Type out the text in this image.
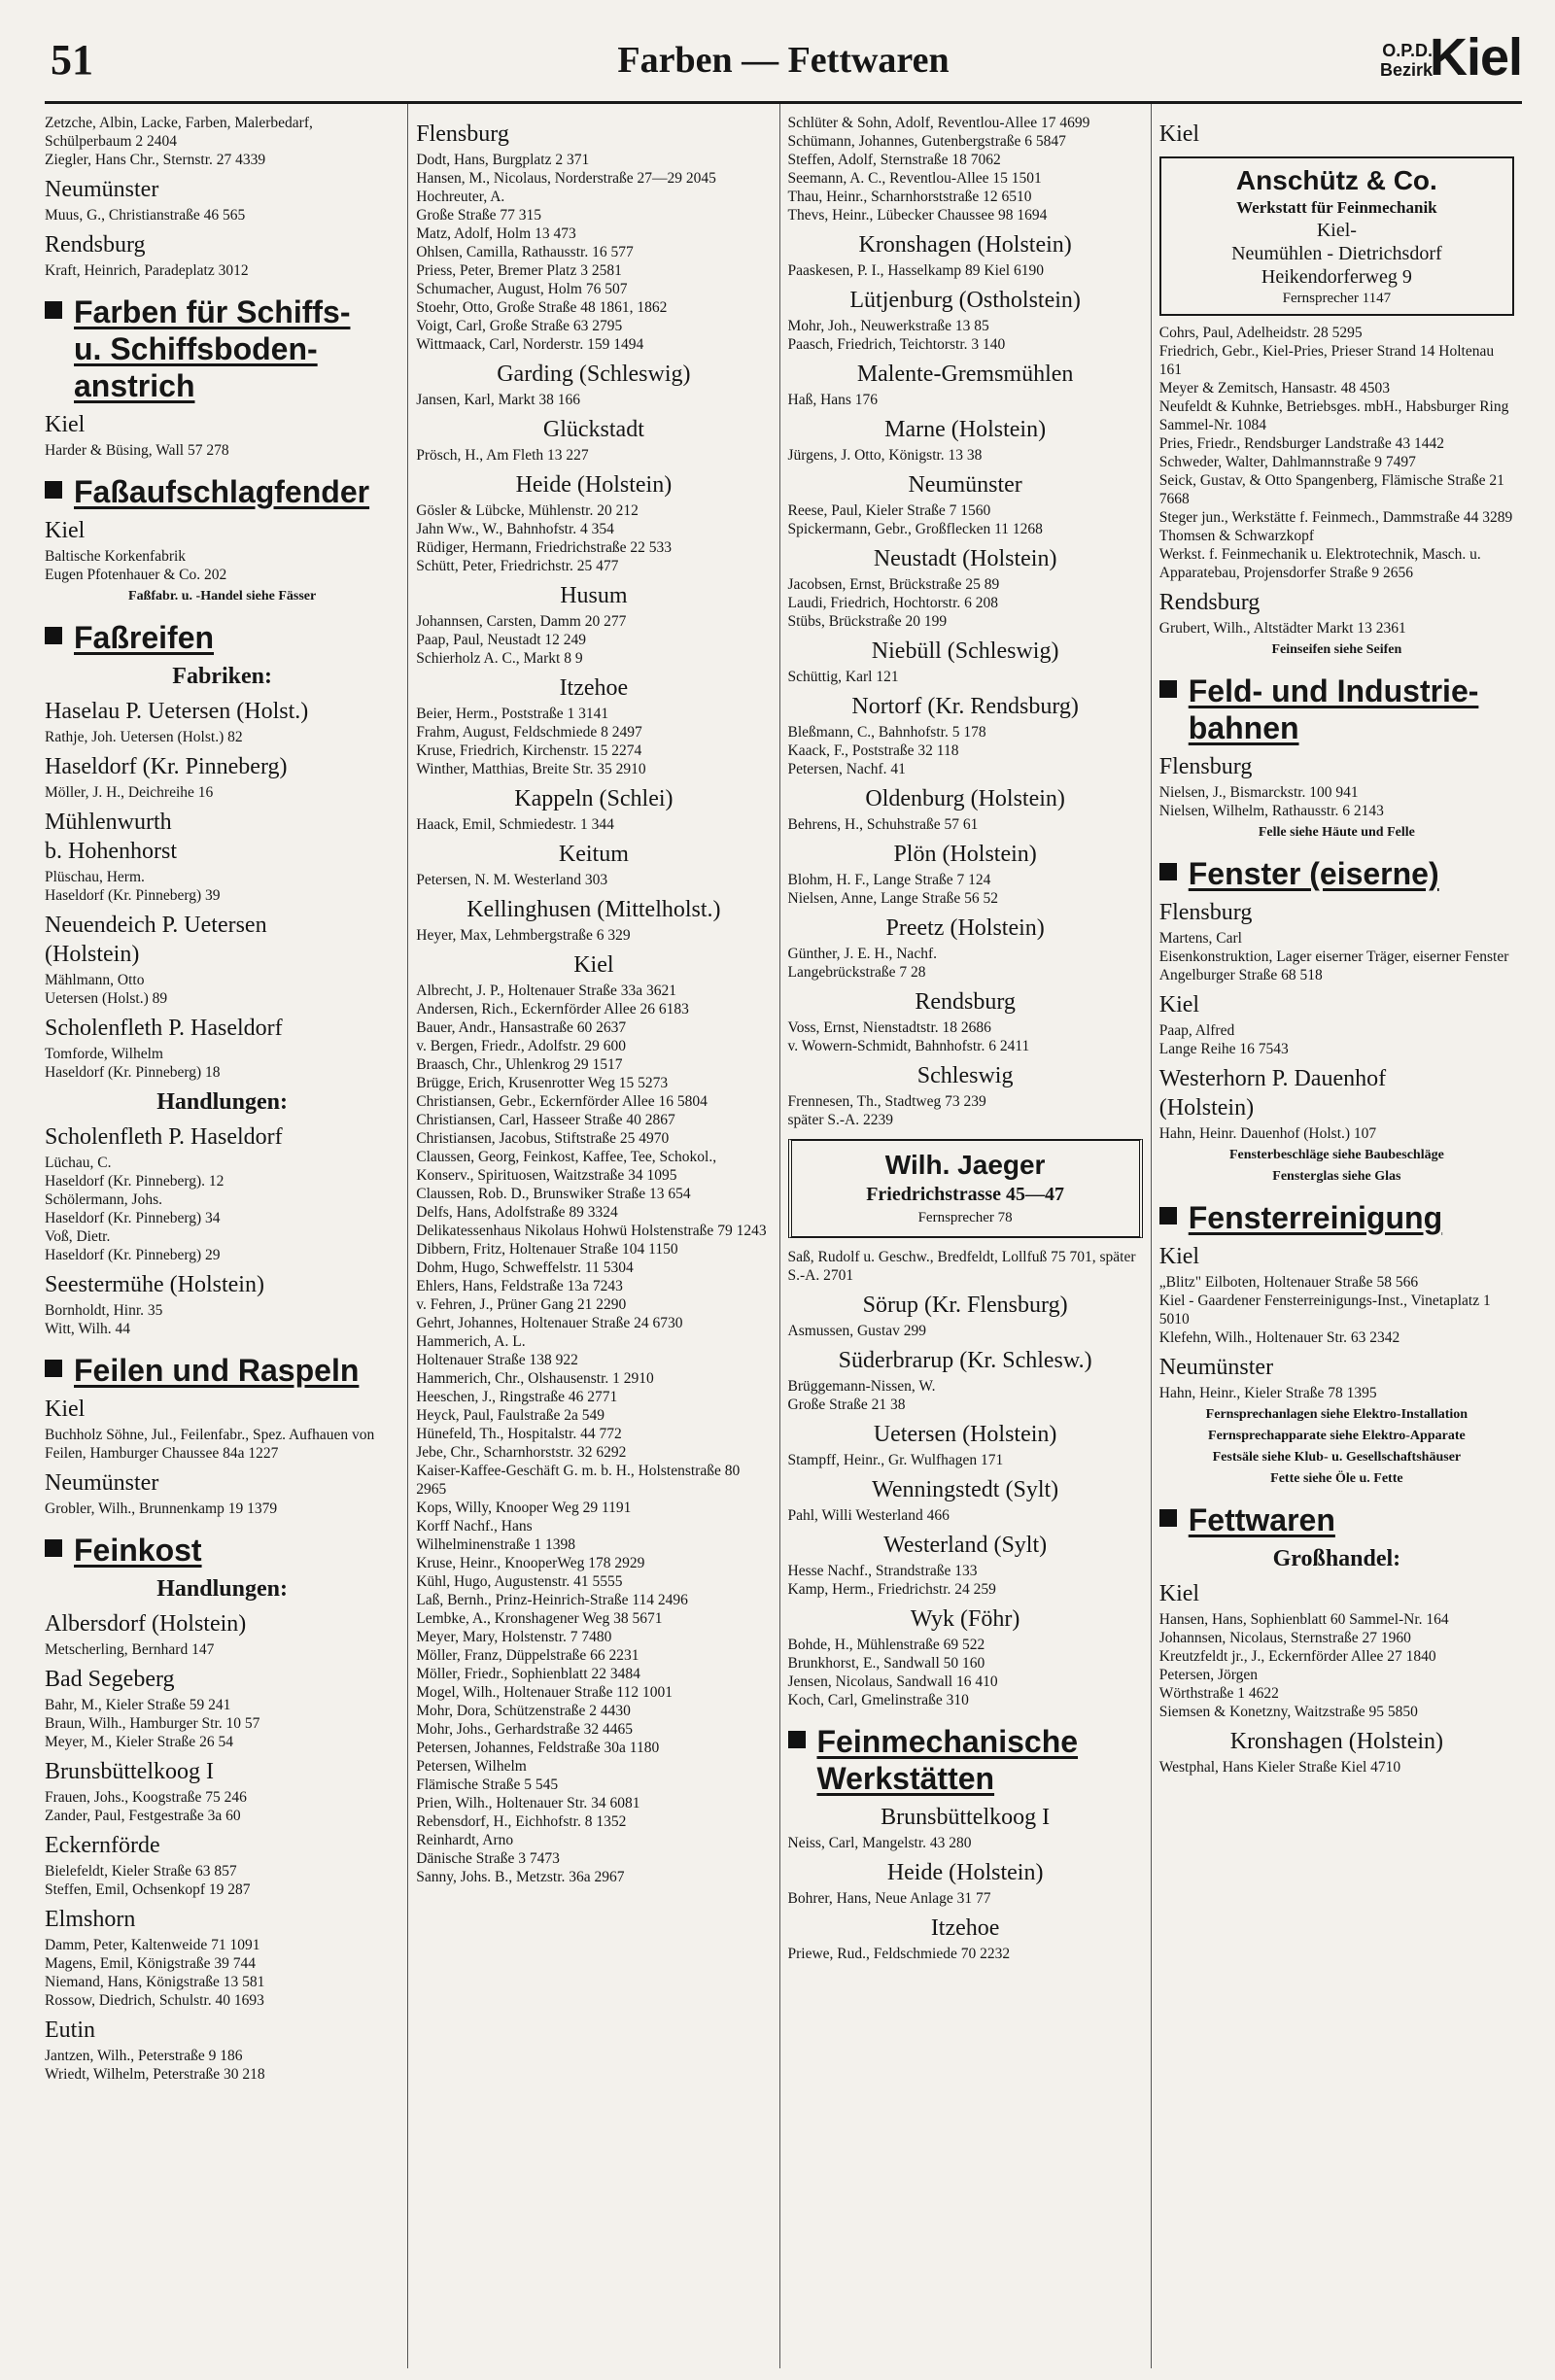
51	Farben — Fettwaren	O.P.D.
Bezirk
Kiel

Zetzche, Albin, Lacke, Farben, Malerbedarf, Schülperbaum 2 2404

Ziegler, Hans Chr., Sternstr. 27 4339

Neumünster

Muus, G., Christianstraße 46 565

Rendsburg

Kraft, Heinrich, Paradeplatz 3012

Farben für Schiffs-
u. Schiffsboden-
anstrich
Kiel

Harder & Büsing, Wall 57 278

Faßaufschlagfender
Kiel

Baltische Korkenfabrik
Eugen Pfotenhauer & Co. 202

Faßfabr. u. -Handel siehe Fässer
Faßreifen
Fabriken:
Haselau P. Uetersen (Holst.)

Rathje, Joh. Uetersen (Holst.) 82

Haseldorf (Kr. Pinneberg)

Möller, J. H., Deichreihe 16

Mühlenwurth
b. Hohenhorst

Plüschau, Herm.
Haseldorf (Kr. Pinneberg) 39

Neuendeich P. Uetersen
(Holstein)

Mählmann, Otto
Uetersen (Holst.) 89

Scholenfleth P. Haseldorf

Tomforde, Wilhelm
Haseldorf (Kr. Pinneberg) 18

Handlungen:
Scholenfleth P. Haseldorf

Lüchau, C.
Haseldorf (Kr. Pinneberg). 12

Schölermann, Johs.
Haseldorf (Kr. Pinneberg) 34

Voß, Dietr.
Haseldorf (Kr. Pinneberg) 29

Seestermühe (Holstein)

Bornholdt, Hinr. 35

Witt, Wilh. 44

Feilen und Raspeln
Kiel

Buchholz Söhne, Jul., Feilenfabr., Spez. Aufhauen von Feilen, Hamburger Chaussee 84a 1227

Neumünster

Grobler, Wilh., Brunnenkamp 19 1379

Feinkost
Handlungen:
Albersdorf (Holstein)

Metscherling, Bernhard 147

Bad Segeberg

Bahr, M., Kieler Straße 59 241

Braun, Wilh., Hamburger Str. 10 57

Meyer, M., Kieler Straße 26 54

Brunsbüttelkoog I

Frauen, Johs., Koogstraße 75 246

Zander, Paul, Festgestraße 3a 60

Eckernförde

Bielefeldt, Kieler Straße 63 857

Steffen, Emil, Ochsenkopf 19 287

Elmshorn

Damm, Peter, Kaltenweide 71 1091

Magens, Emil, Königstraße 39 744

Niemand, Hans, Königstraße 13 581

Rossow, Diedrich, Schulstr. 40 1693

Eutin

Jantzen, Wilh., Peterstraße 9 186

Wriedt, Wilhelm, Peterstraße 30 218

Flensburg

Dodt, Hans, Burgplatz 2 371

Hansen, M., Nicolaus, Norderstraße 27—29 2045

Hochreuter, A.
Große Straße 77 315

Matz, Adolf, Holm 13 473

Ohlsen, Camilla, Rathausstr. 16 577

Priess, Peter, Bremer Platz 3 2581

Schumacher, August, Holm 76 507

Stoehr, Otto, Große Straße 48 1861, 1862

Voigt, Carl, Große Straße 63 2795

Wittmaack, Carl, Norderstr. 159 1494

Garding (Schleswig)

Jansen, Karl, Markt 38 166

Glückstadt

Prösch, H., Am Fleth 13 227

Heide (Holstein)

Gösler & Lübcke, Mühlenstr. 20 212

Jahn Ww., W., Bahnhofstr. 4 354

Rüdiger, Hermann, Friedrichstraße 22 533

Schütt, Peter, Friedrichstr. 25 477

Husum

Johannsen, Carsten, Damm 20 277

Paap, Paul, Neustadt 12 249

Schierholz A. C., Markt 8 9

Itzehoe

Beier, Herm., Poststraße 1 3141

Frahm, August, Feldschmiede 8 2497

Kruse, Friedrich, Kirchenstr. 15 2274

Winther, Matthias, Breite Str. 35 2910

Kappeln (Schlei)

Haack, Emil, Schmiedestr. 1 344

Keitum

Petersen, N. M. Westerland 303

Kellinghusen (Mittelholst.)

Heyer, Max, Lehmbergstraße 6 329

Kiel

Albrecht, J. P., Holtenauer Straße 33a 3621

Andersen, Rich., Eckernförder Allee 26 6183

Bauer, Andr., Hansastraße 60 2637

v. Bergen, Friedr., Adolfstr. 29 600

Braasch, Chr., Uhlenkrog 29 1517

Brügge, Erich, Krusenrotter Weg 15 5273

Christiansen, Gebr., Eckernförder Allee 16 5804

Christiansen, Carl, Hasseer Straße 40 2867

Christiansen, Jacobus, Stiftstraße 25 4970

Claussen, Georg, Feinkost, Kaffee, Tee, Schokol., Konserv., Spirituosen, Waitzstraße 34 1095

Claussen, Rob. D., Brunswiker Straße 13 654

Delfs, Hans, Adolfstraße 89 3324

Delikatessenhaus Nikolaus Hohwü Holstenstraße 79 1243

Dibbern, Fritz, Holtenauer Straße 104 1150

Dohm, Hugo, Schweffelstr. 11 5304

Ehlers, Hans, Feldstraße 13a 7243

v. Fehren, J., Prüner Gang 21 2290

Gehrt, Johannes, Holtenauer Straße 24 6730

Hammerich, A. L.
Holtenauer Straße 138 922

Hammerich, Chr., Olshausenstr. 1 2910

Heeschen, J., Ringstraße 46 2771

Heyck, Paul, Faulstraße 2a 549

Hünefeld, Th., Hospitalstr. 44 772

Jebe, Chr., Scharnhorststr. 32 6292

Kaiser-Kaffee-Geschäft G. m. b. H., Holstenstraße 80 2965

Kops, Willy, Knooper Weg 29 1191

Korff Nachf., Hans
Wilhelminenstraße 1 1398

Kruse, Heinr., KnooperWeg 178 2929

Kühl, Hugo, Augustenstr. 41 5555

Laß, Bernh., Prinz-Heinrich-Straße 114 2496

Lembke, A., Kronshagener Weg 38 5671

Meyer, Mary, Holstenstr. 7 7480

Möller, Franz, Düppelstraße 66 2231

Möller, Friedr., Sophienblatt 22 3484

Mogel, Wilh., Holtenauer Straße 112 1001

Mohr, Dora, Schützenstraße 2 4430

Mohr, Johs., Gerhardstraße 32 4465

Petersen, Johannes, Feldstraße 30a 1180

Petersen, Wilhelm
Flämische Straße 5 545

Prien, Wilh., Holtenauer Str. 34 6081

Rebensdorf, H., Eichhofstr. 8 1352

Reinhardt, Arno
Dänische Straße 3 7473

Sanny, Johs. B., Metzstr. 36a 2967

Schlüter & Sohn, Adolf, Reventlou-Allee 17 4699

Schümann, Johannes, Gutenbergstraße 6 5847

Steffen, Adolf, Sternstraße 18 7062

Seemann, A. C., Reventlou-Allee 15 1501

Thau, Heinr., Scharnhorststraße 12 6510

Thevs, Heinr., Lübecker Chaussee 98 1694

Kronshagen (Holstein)

Paaskesen, P. I., Hasselkamp 89 Kiel 6190

Lütjenburg (Ostholstein)

Mohr, Joh., Neuwerkstraße 13 85

Paasch, Friedrich, Teichtorstr. 3 140

Malente-Gremsmühlen

Haß, Hans 176

Marne (Holstein)

Jürgens, J. Otto, Königstr. 13 38

Neumünster

Reese, Paul, Kieler Straße 7 1560

Spickermann, Gebr., Großflecken 11 1268

Neustadt (Holstein)

Jacobsen, Ernst, Brückstraße 25 89

Laudi, Friedrich, Hochtorstr. 6 208

Stübs, Brückstraße 20 199

Niebüll (Schleswig)

Schüttig, Karl 121

Nortorf (Kr. Rendsburg)

Bleßmann, C., Bahnhofstr. 5 178

Kaack, F., Poststraße 32 118

Petersen, Nachf. 41

Oldenburg (Holstein)

Behrens, H., Schuhstraße 57 61

Plön (Holstein)

Blohm, H. F., Lange Straße 7 124

Nielsen, Anne, Lange Straße 56 52

Preetz (Holstein)

Günther, J. E. H., Nachf.
Langebrückstraße 7 28

Rendsburg

Voss, Ernst, Nienstadtstr. 18 2686

v. Wowern-Schmidt, Bahnhofstr. 6 2411

Schleswig

Frennesen, Th., Stadtweg 73 239
später S.-A. 2239

Wilh. Jaeger
Friedrichstrasse 45—47
Fernsprecher 78

Saß, Rudolf u. Geschw., Bredfeldt, Lollfuß 75 701, später S.-A. 2701

Sörup (Kr. Flensburg)

Asmussen, Gustav 299

Süderbrarup (Kr. Schlesw.)

Brüggemann-Nissen, W.
Große Straße 21 38

Uetersen (Holstein)

Stampff, Heinr., Gr. Wulfhagen 171

Wenningstedt (Sylt)

Pahl, Willi Westerland 466

Westerland (Sylt)

Hesse Nachf., Strandstraße 133

Kamp, Herm., Friedrichstr. 24 259

Wyk (Föhr)

Bohde, H., Mühlenstraße 69 522

Brunkhorst, E., Sandwall 50 160

Jensen, Nicolaus, Sandwall 16 410

Koch, Carl, Gmelinstraße 310

Feinmechanische
Werkstätten
Brunsbüttelkoog I

Neiss, Carl, Mangelstr. 43 280

Heide (Holstein)

Bohrer, Hans, Neue Anlage 31 77

Itzehoe

Priewe, Rud., Feldschmiede 70 2232

Kiel
Anschütz & Co.
Werkstatt für Feinmechanik
Kiel-
Neumühlen - Dietrichsdorf
Heikendorferweg 9
Fernsprecher 1147

Cohrs, Paul, Adelheidstr. 28 5295

Friedrich, Gebr., Kiel-Pries, Prieser Strand 14 Holtenau 161

Meyer & Zemitsch, Hansastr. 48 4503

Neufeldt & Kuhnke, Betriebsges. mbH., Habsburger Ring Sammel-Nr. 1084

Pries, Friedr., Rendsburger Landstraße 43 1442

Schweder, Walter, Dahlmannstraße 9 7497

Seick, Gustav, & Otto Spangenberg, Flämische Straße 21 7668

Steger jun., Werkstätte f. Feinmech., Dammstraße 44 3289

Thomsen & Schwarzkopf
Werkst. f. Feinmechanik u. Elektrotechnik, Masch. u. Apparatebau, Projensdorfer Straße 9 2656

Rendsburg

Grubert, Wilh., Altstädter Markt 13 2361

Feinseifen siehe Seifen
Feld- und Industrie-
bahnen
Flensburg

Nielsen, J., Bismarckstr. 100 941

Nielsen, Wilhelm, Rathausstr. 6 2143

Felle siehe Häute und Felle
Fenster (eiserne)
Flensburg

Martens, Carl
Eisenkonstruktion, Lager eiserner Träger, eiserner Fenster Angelburger Straße 68 518

Kiel

Paap, Alfred
Lange Reihe 16 7543

Westerhorn P. Dauenhof
(Holstein)

Hahn, Heinr. Dauenhof (Holst.) 107

Fensterbeschläge siehe Baubeschläge
Fensterglas siehe Glas
Fensterreinigung
Kiel

„Blitz" Eilboten, Holtenauer Straße 58 566

Kiel - Gaardener Fensterreinigungs-Inst., Vinetaplatz 1 5010

Klefehn, Wilh., Holtenauer Str. 63 2342

Neumünster

Hahn, Heinr., Kieler Straße 78 1395

Fernsprechanlagen siehe Elektro-Installation
Fernsprechapparate siehe Elektro-Apparate
Festsäle siehe Klub- u. Gesellschaftshäuser
Fette siehe Öle u. Fette
Fettwaren
Großhandel:
Kiel

Hansen, Hans, Sophienblatt 60 Sammel-Nr. 164

Johannsen, Nicolaus, Sternstraße 27 1960

Kreutzfeldt jr., J., Eckernförder Allee 27 1840

Petersen, Jörgen
Wörthstraße 1 4622

Siemsen & Konetzny, Waitzstraße 95 5850

Kronshagen (Holstein)

Westphal, Hans Kieler Straße Kiel 4710
